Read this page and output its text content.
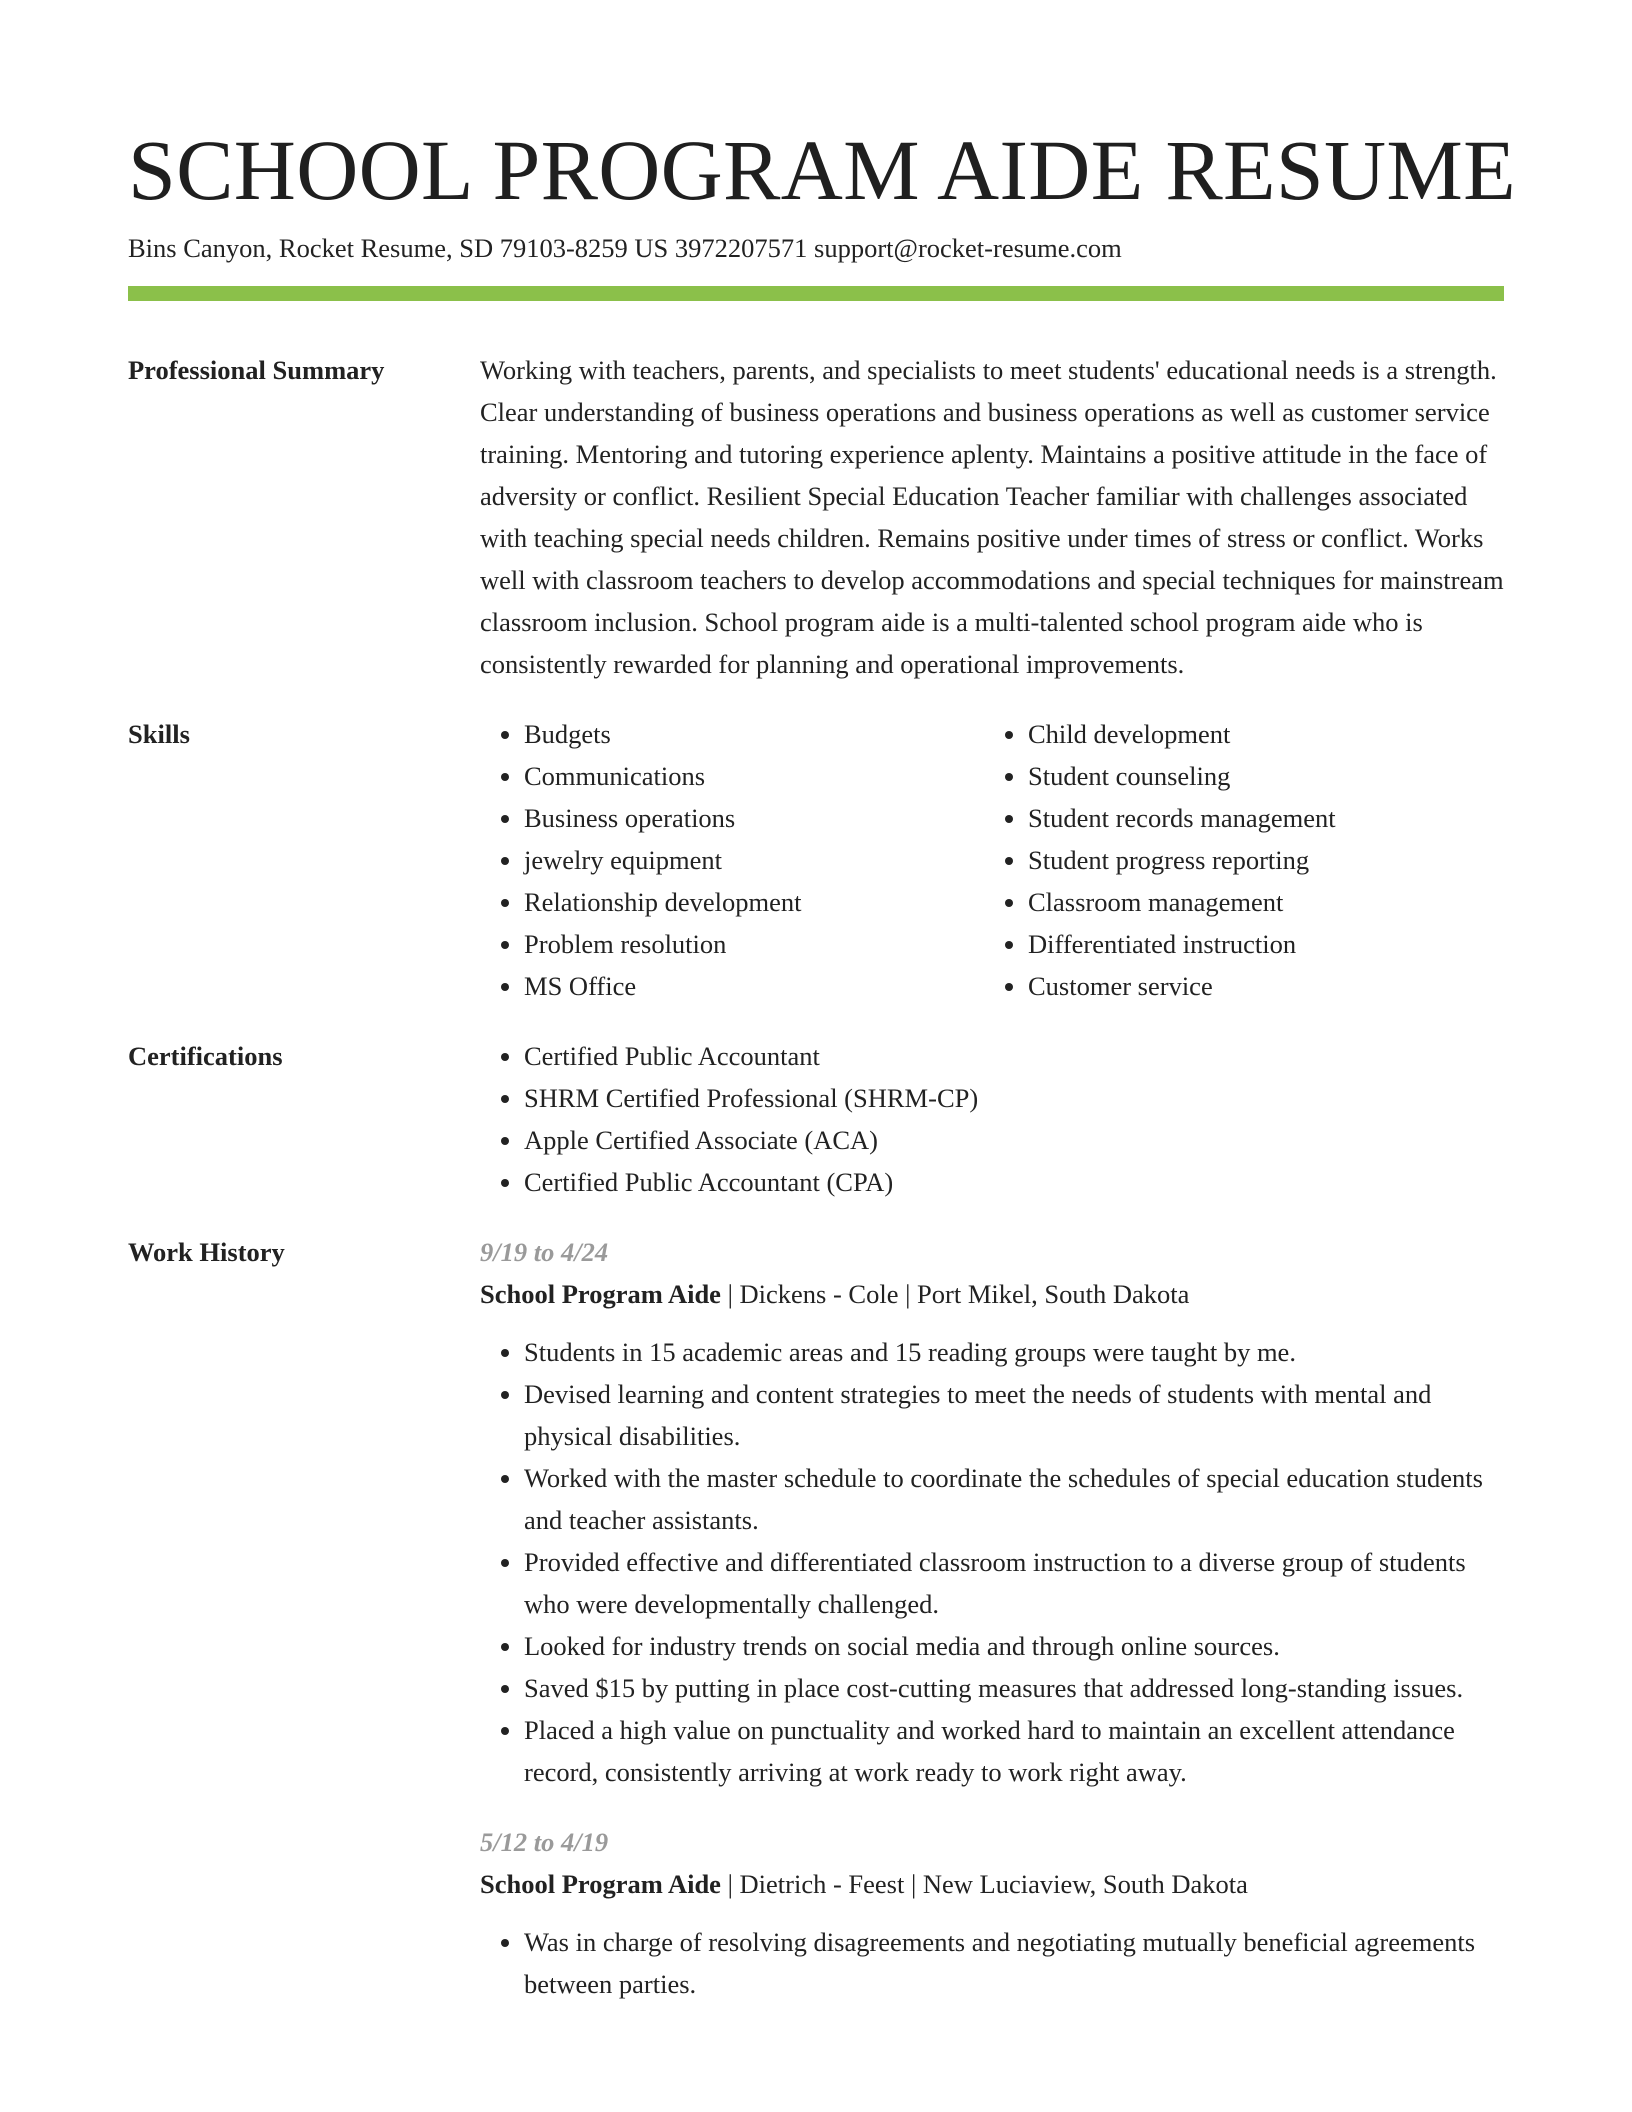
SCHOOL PROGRAM AIDE RESUME
Bins Canyon, Rocket Resume, SD 79103-8259 US 3972207571 support@rocket-resume.com
Professional Summary	Working with teachers, parents, and specialists to meet students' educational needs is a strength. Clear understanding of business operations and business operations as well as customer service training. Mentoring and tutoring experience aplenty. Maintains a positive attitude in the face of adversity or conflict. Resilient Special Education Teacher familiar with challenges associated with teaching special needs children. Remains positive under times of stress or conflict. Works well with classroom teachers to develop accommodations and special techniques for mainstream classroom inclusion. School program aide is a multi-talented school program aide who is consistently rewarded for planning and operational improvements.

Skills	• Budgets
• Communications
• Business operations
• jewelry equipment
• Relationship development
• Problem resolution
• MS Office
• Child development
• Student counseling
• Student records management
• Student progress reporting
• Classroom management
• Differentiated instruction
• Customer service
Certifications	• Certified Public Accountant
• SHRM Certified Professional (SHRM-CP)
• Apple Certified Associate (ACA)
• Certified Public Accountant (CPA)
Work History	9/19 to 4/24
School Program Aide | Dickens - Cole | Port Mikel, South Dakota
• Students in 15 academic areas and 15 reading groups were taught by me.
• Devised learning and content strategies to meet the needs of students with mental and physical disabilities.
• Worked with the master schedule to coordinate the schedules of special education students and teacher assistants.
• Provided effective and differentiated classroom instruction to a diverse group of students who were developmentally challenged.
• Looked for industry trends on social media and through online sources.
• Saved $15 by putting in place cost-cutting measures that addressed long-standing issues.
• Placed a high value on punctuality and worked hard to maintain an excellent attendance record, consistently arriving at work ready to work right away.
5/12 to 4/19
School Program Aide | Dietrich - Feest | New Luciaview, South Dakota
• Was in charge of resolving disagreements and negotiating mutually beneficial agreements between parties.
